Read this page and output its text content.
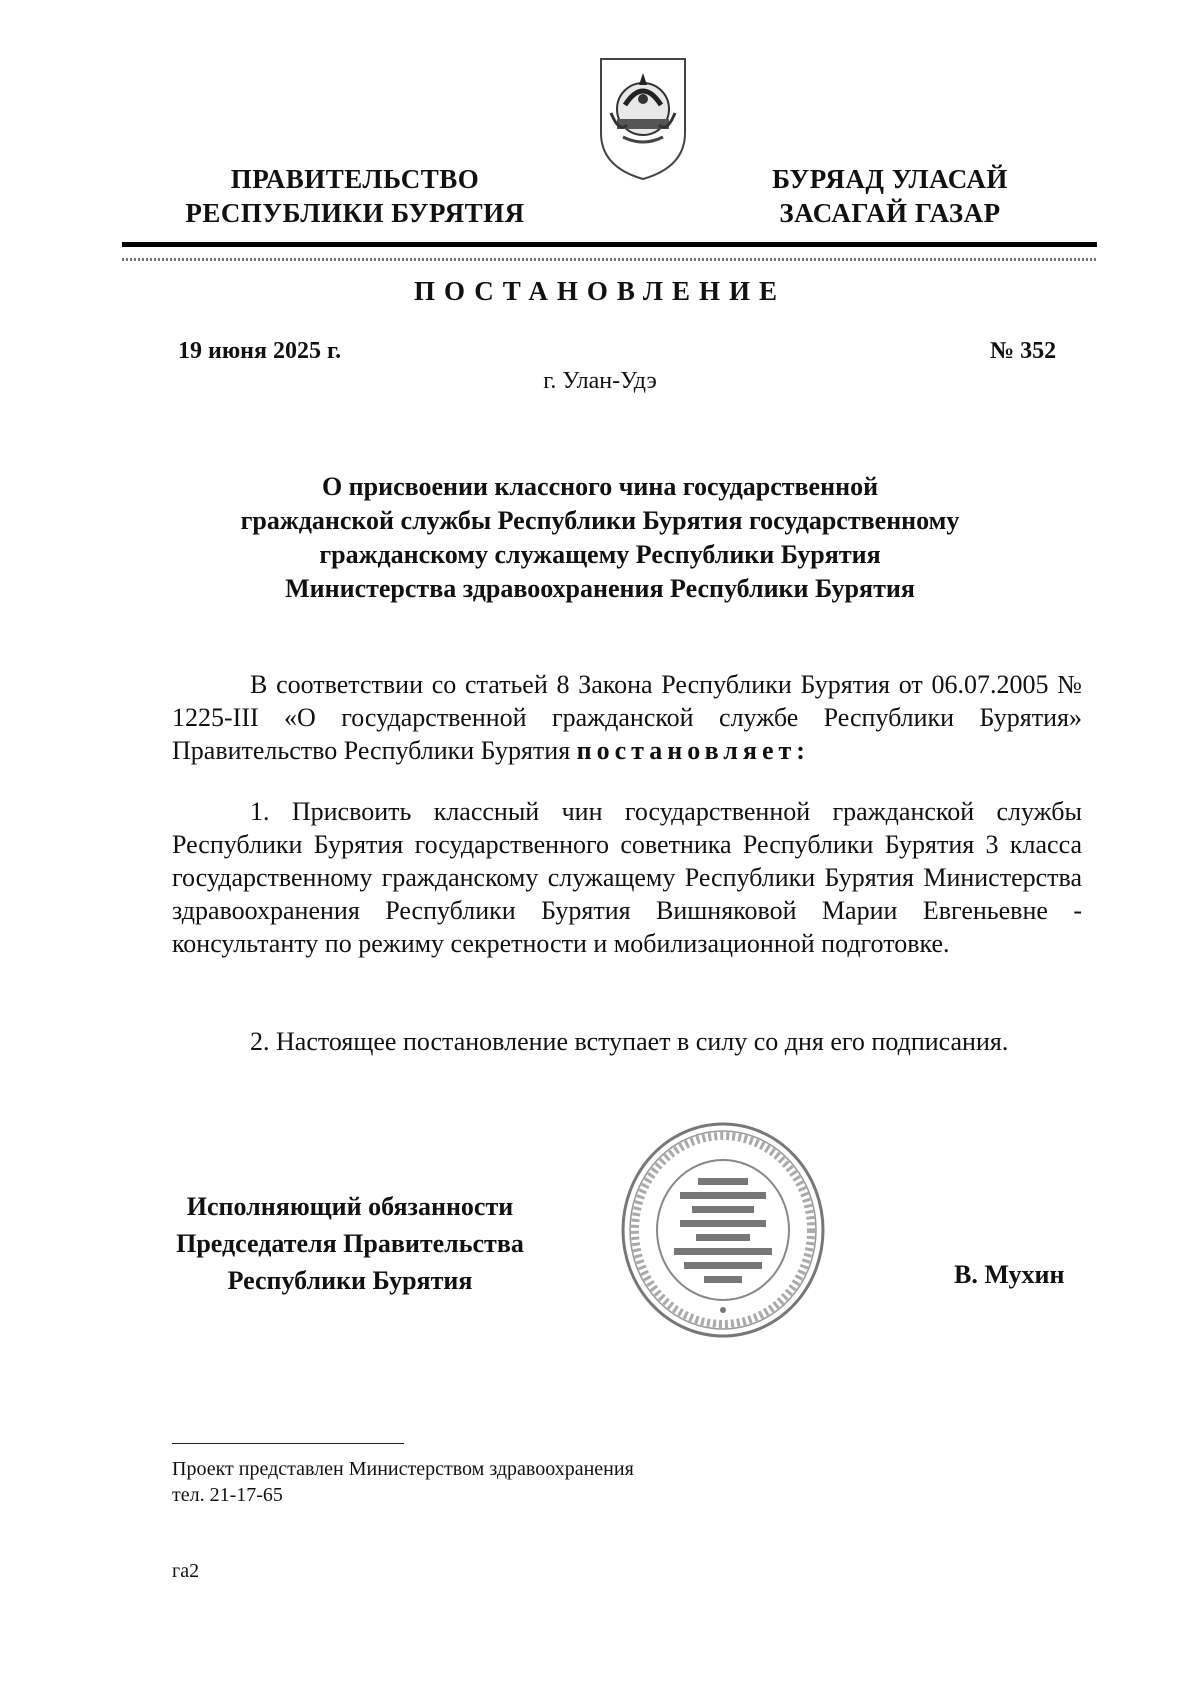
ПРАВИТЕЛЬСТВО
РЕСПУБЛИКИ БУРЯТИЯ
БУРЯАД УЛАСАЙ
ЗАСАГАЙ ГАЗАР
ПОСТАНОВЛЕНИЕ
19 июня 2025 г.	№ 352
г. Улан-Удэ
О присвоении классного чина государственной
гражданской службы Республики Бурятия государственному
гражданскому служащему Республики Бурятия
Министерства здравоохранения Республики Бурятия
В соответствии со статьей 8 Закона Республики Бурятия от 06.07.2005 № 1225-III «О государственной гражданской службе Республики Бурятия» Правительство Республики Бурятия постановляет:
1. Присвоить классный чин государственной гражданской службы Республики Бурятия государственного советника Республики Бурятия 3 класса государственному гражданскому служащему Республики Бурятия Министерства здравоохранения Республики Бурятия Вишняковой Марии Евгеньевне - консультанту по режиму секретности и мобилизационной подготовке.
2. Настоящее постановление вступает в силу со дня его подписания.
Исполняющий обязанности
Председателя Правительства
Республики Бурятия	В. Мухин
Проект представлен Министерством здравоохранения
тел. 21-17-65
га2
